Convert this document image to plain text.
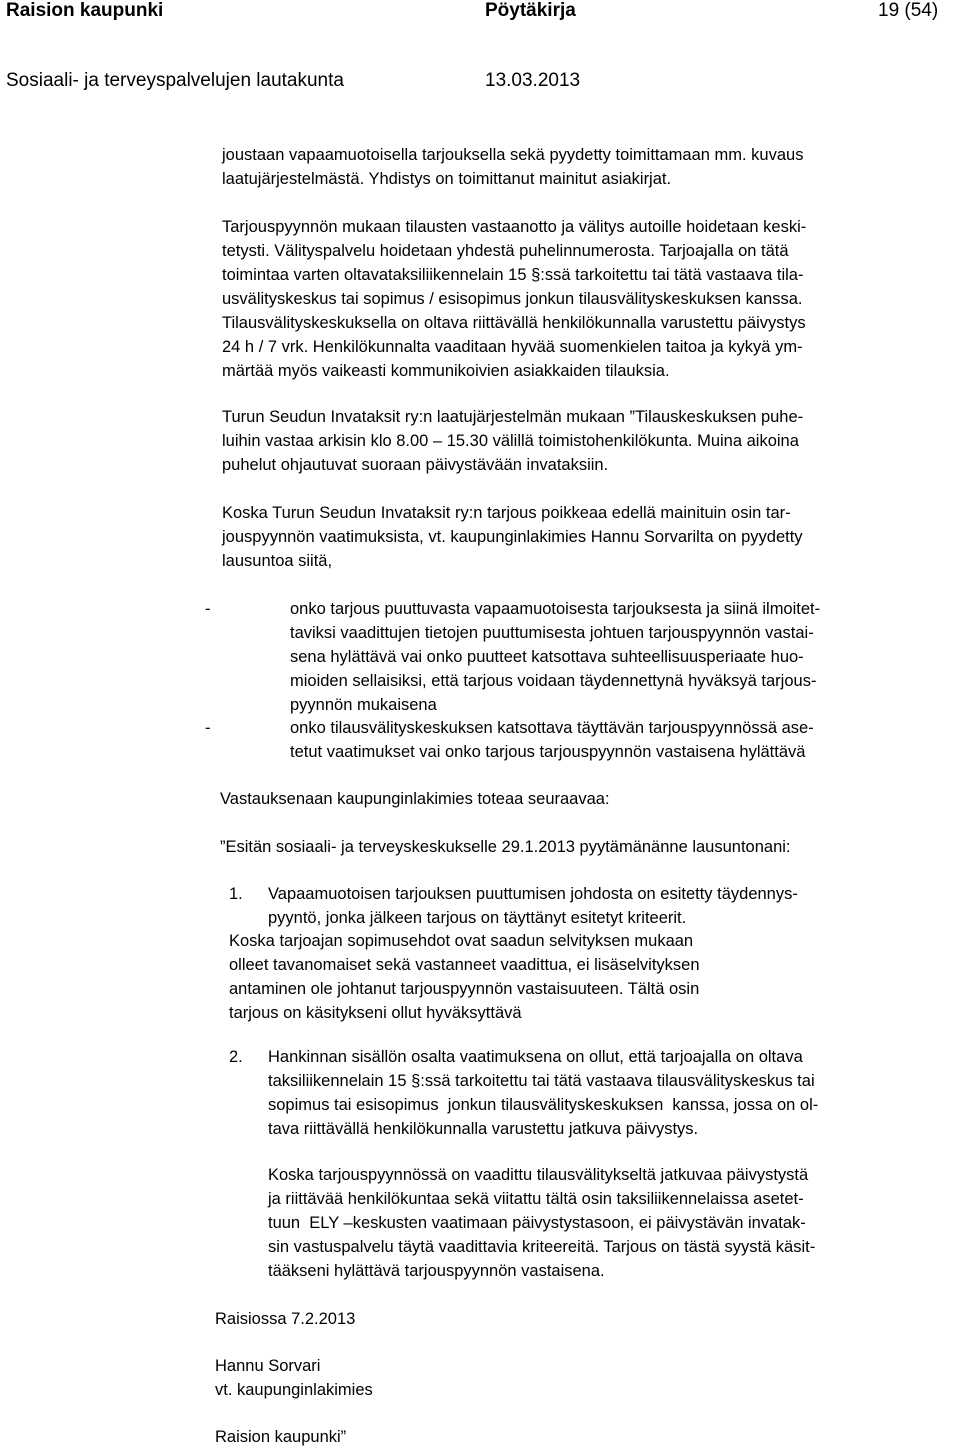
Raision kaupunki	Pöytäkirja	19 (54)
Sosiaali- ja terveyspalvelujen lautakunta	13.03.2013
joustaan vapaamuotoisella tarjouksella sekä pyydetty toimittamaan mm. kuvaus
laatujärjestelmästä. Yhdistys on toimittanut mainitut asiakirjat.
Tarjouspyynnön mukaan tilausten vastaanotto ja välitys autoille hoidetaan keski-
tetysti. Välityspalvelu hoidetaan yhdestä puhelinnumerosta. Tarjoajalla on tätä
toimintaa varten oltavataksiliikennelain 15 §:ssä tarkoitettu tai tätä vastaava tila-
usvälityskeskus tai sopimus / esisopimus jonkun tilausvälityskeskuksen kanssa.
Tilausvälityskeskuksella on oltava riittävällä henkilökunnalla varustettu päivystys
24 h / 7 vrk. Henkilökunnalta vaaditaan hyvää suomenkielen taitoa ja kykyä ym-
märtää myös vaikeasti kommunikoivien asiakkaiden tilauksia.
Turun Seudun Invataksit ry:n laatujärjestelmän mukaan ”Tilauskeskuksen puhe-
luihin vastaa arkisin klo 8.00 – 15.30 välillä toimistohenkilökunta. Muina aikoina
puhelut ohjautuvat suoraan päivystävään invataksiin.
Koska Turun Seudun Invataksit ry:n tarjous poikkeaa edellä mainituin osin tar-
jouspyynnön vaatimuksista, vt. kaupunginlakimies Hannu Sorvarilta on pyydetty
lausuntoa siitä,
-	onko tarjous puuttuvasta vapaamuotoisesta tarjouksesta ja siinä ilmoitet-
taviksi vaadittujen tietojen puuttumisesta johtuen tarjouspyynnön vastai-
sena hylättävä vai onko puutteet katsottava suhteellisuusperiaate huo-
mioiden sellaisiksi, että tarjous voidaan täydennettynä hyväksyä tarjous-
pyynnön mukaisena
-	onko tilausvälityskeskuksen katsottava täyttävän tarjouspyynnössä ase-
tetut vaatimukset vai onko tarjous tarjouspyynnön vastaisena hylättävä
Vastauksenaan kaupunginlakimies toteaa seuraavaa:
”Esitän sosiaali- ja terveyskeskukselle 29.1.2013 pyytämänänne lausuntonani:
1. Vapaamuotoisen tarjouksen puuttumisen johdosta on esitetty täydennys-
pyyntö, jonka jälkeen tarjous on täyttänyt esitetyt kriteerit.
Koska tarjoajan sopimusehdot ovat saadun selvityksen mukaan
olleet tavanomaiset sekä vastanneet vaadittua, ei lisäselvityksen
antaminen ole johtanut tarjouspyynnön vastaisuuteen. Tältä osin
tarjous on käsitykseni ollut hyväksyttävä
2. Hankinnan sisällön osalta vaatimuksena on ollut, että tarjoajalla on oltava
taksiliikennelain 15 §:ssä tarkoitettu tai tätä vastaava tilausvälityskeskus tai
sopimus tai esisopimus  jonkun tilausvälityskeskuksen  kanssa, jossa on ol-
tava riittävällä henkilökunnalla varustettu jatkuva päivystys.
Koska tarjouspyynnössä on vaadittu tilausvälitykseltä jatkuvaa päivystystä
ja riittävää henkilökuntaa sekä viitattu tältä osin taksiliikennelaissa asetet-
tuun  ELY –keskusten vaatimaan päivystystasoon, ei päivystävän invatak-
sin vastuspalvelu täytä vaadittavia kriteereitä. Tarjous on tästä syystä käsit-
tääkseni hylättävä tarjouspyynnön vastaisena.
Raisiossa 7.2.2013
Hannu Sorvari
vt. kaupunginlakimies
Raision kaupunki”
